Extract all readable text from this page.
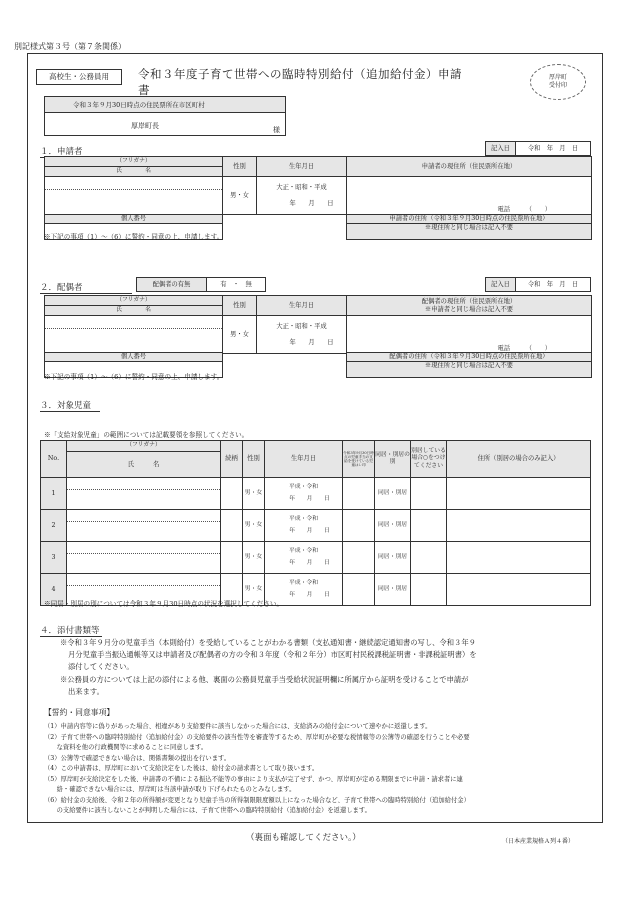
別記様式第３号（第７条関係）
高校生・公務員用	令和３年度子育て世帯への臨時特別給付（追加給付金）申請書
厚岸町
受付印
令和３年９月30日時点の住民票所在市区町村
厚岸町長	様
１．申請者	記入日	令和　年　月　日
（フリガナ）	性別	生年月日	申請者の現住所（住民票所在地）
氏　　　　名			

	男・女	大正・昭和・平成
年　　月　　日	電話　　　（　　）
個人番号		申請者の住所（令和３年９月30日時点の住民票所在地）
		※現住所と同じ場合は記入不要
※下記の事項（1）～（6）に誓約・同意の上、申請します。
２．配偶者	配偶者の有無	有　・　無	記入日	令和　年　月　日
（フリガナ）	性別	生年月日	配偶者の現住所（住民票所在地）
※申請者と同じ場合は記入不要

氏　　　　名			

	男・女	大正・昭和・平成
年　　月　　日	電話　　　（　　）
個人番号		配偶者の住所（令和３年９月30日時点の住民票所在地）
		※現住所と同じ場合は記入不要
※下記の事項（1）～（6）に誓約・同意の上、申請します。
３．対象児童
※「支給対象児童」の範囲については記載要領を参照してください。
No.	（フリガナ）	続柄	性別	生年月日	令和3年9月30日時点の児童手当の支給を受けている児童はレ印	同居・別居の別	別居している場合○をつけてください	住所（別居の場合のみ記入）
	氏　　　名							
1			男・女	平成・令和
年　　月　　日		同居・別居		
2			男・女	平成・令和
年　　月　　日		同居・別居		
3			男・女	平成・令和
年　　月　　日		同居・別居		
4			男・女	平成・令和
年　　月　　日		同居・別居		
※同居・別居の別については令和３年９月30日時点の状況を選択してください。
４．添付書類等
※令和３年９月分の児童手当（本則給付）を受給していることがわかる書類（支払通知書・継続認定通知書の写し、令和３年９
月分児童手当振込通帳等又は申請者及び配偶者の方の令和３年度（令和２年分）市区町村民税課税証明書・非課税証明書）を
添付してください。
※公務員の方については上記の添付による他、裏面の公務員児童手当受給状況証明欄に所属庁から証明を受けることで申請が
出来ます。
【誓約・同意事項】
（1）申請内容等に偽りがあった場合、相違があり支給要件に該当しなかった場合には、支給済みの給付金について速やかに返還します。
（2）子育て世帯への臨時特別給付（追加給付金）の支給要件の該当性等を審査等するため、厚岸町が必要な税情報等の公簿等の確認を行うことや必要
　　な資料を他の行政機関等に求めることに同意します。
（3）公簿等で確認できない場合は、関係書類の提出を行います。
（4）この申請書は、厚岸町において支給決定をした後は、給付金の請求書として取り扱います。
（5）厚岸町が支給決定をした後、申請書の不備による振込不能等の事由により支払が完了せず、かつ、厚岸町が定める期限までに申請・請求者に連
　　絡・確認できない場合には、厚岸町は当該申請が取り下げられたものとみなします。
（6）給付金の支給後、令和２年の所得額が変更となり児童手当の所得制限限度額以上になった場合など、子育て世帯への臨時特別給付（追加給付金）
　　の支給要件に該当しないことが判明した場合には、子育て世帯への臨時特別給付（追加給付金）を返還します。
（裏面も確認してください。）	（日本産業規格Ａ列４番）
